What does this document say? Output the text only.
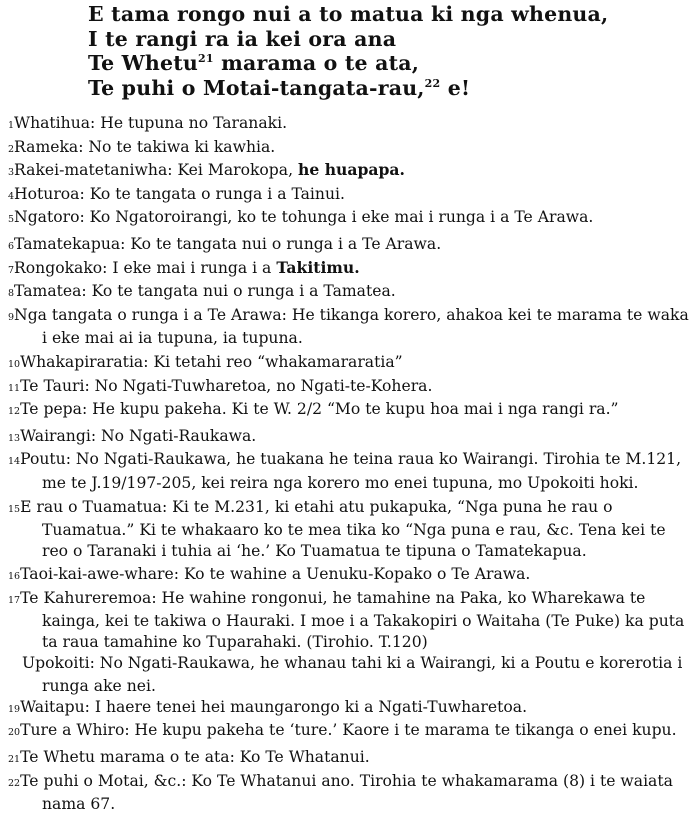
E tama rongo nui a to matua ki nga whenua,
I te rangi ra ia kei ora ana
Te Whetu$^{21}$ marama o te ata,
Te puhi o Motai-tangata-rau,$^{22}$ e!
1Whatihua: He tupuna no Taranaki.
2Rameka: No te takiwa ki kawhia.
3Rakei-matetaniwha: Kei Marokopa, he huapapa.
4Hoturoa: Ko te tangata o runga i a Tainui.
5Ngatoro: Ko Ngatoroirangi, ko te tohunga i eke mai i runga i a Te Arawa.
6Tamatekapua: Ko te tangata nui o runga i a Te Arawa.
7Rongokako: I eke mai i runga i a Takitimu.
8Tamatea: Ko te tangata nui o runga i a Tamatea.
9Nga tangata o runga i a Te Arawa: He tikanga korero, ahakoa kei te marama te waka i eke mai ai ia tupuna, ia tupuna.
10Whakapiraratia: Ki tetahi reo “whakamararatia”
11Te Tauri: No Ngati-Tuwharetoa, no Ngati-te-Kohera.
12Te pepa: He kupu pakeha. Ki te W. 2/2 “Mo te kupu hoa mai i nga rangi ra.”
13Wairangi: No Ngati-Raukawa.
14Poutu: No Ngati-Raukawa, he tuakana he teina raua ko Wairangi. Tirohia te M.121, me te J.19/197-205, kei reira nga korero mo enei tupuna, mo Upokoiti hoki.
15E rau o Tuamatua: Ki te M.231, ki etahi atu pukapuka, “Nga puna he rau o Tuamatua.” Ki te whakaaro ko te mea tika ko “Nga puna e rau, &c. Tena kei te reo o Taranaki i tuhia ai ‘he.’ Ko Tuamatua te tipuna o Tamatekapua.
16Taoi-kai-awe-whare: Ko te wahine a Uenuku-Kopako o Te Arawa.
17Te Kahureremoa: He wahine rongonui, he tamahine na Paka, ko Wharekawa te kainga, kei te takiwa o Hauraki. I moe i a Takakopiri o Waitaha (Te Puke) ka puta ta raua tamahine ko Tuparahaki. (Tirohio. T.120)
Upokoiti: No Ngati-Raukawa, he whanau tahi ki a Wairangi, ki a Poutu e korerotia i runga ake nei.
19Waitapu: I haere tenei hei maungarongo ki a Ngati-Tuwharetoa.
20Ture a Whiro: He kupu pakeha te ‘ture.’ Kaore i te marama te tikanga o enei kupu.
21Te Whetu marama o te ata: Ko Te Whatanui.
22Te puhi o Motai, &c.: Ko Te Whatanui ano. Tirohia te whakamarama (8) i te waiata nama 67.
